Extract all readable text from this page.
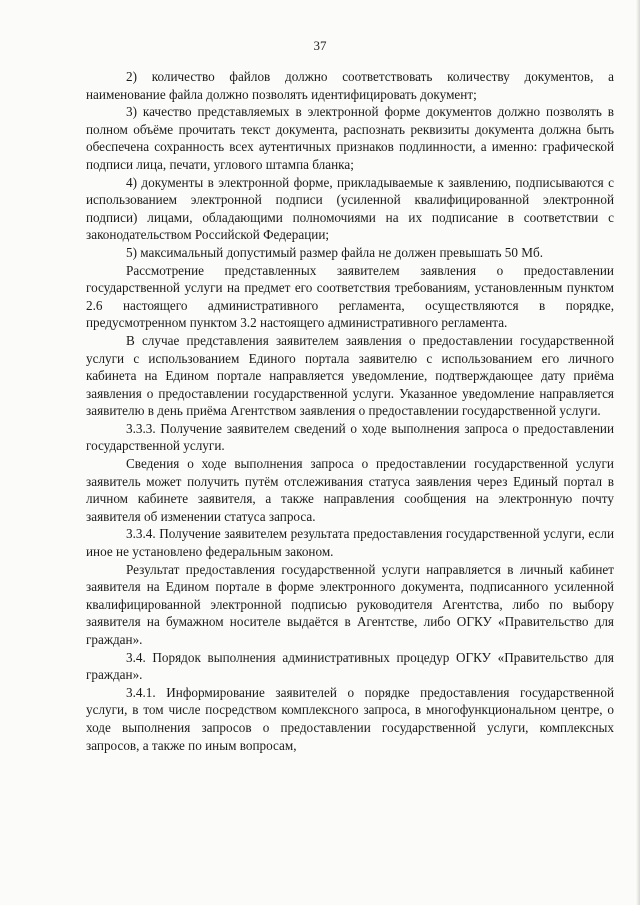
37

2) количество файлов должно соответствовать количеству документов, а наименование файла должно позволять идентифицировать документ;

3) качество представляемых в электронной форме документов должно позволять в полном объёме прочитать текст документа, распознать реквизиты документа должна быть обеспечена сохранность всех аутентичных признаков подлинности, а именно: графической подписи лица, печати, углового штампа бланка;

4) документы в электронной форме, прикладываемые к заявлению, подписываются с использованием электронной подписи (усиленной квалифицированной электронной подписи) лицами, обладающими полномочиями на их подписание в соответствии с законодательством Российской Федерации;

5) максимальный допустимый размер файла не должен превышать 50 Мб.

Рассмотрение представленных заявителем заявления о предоставлении государственной услуги на предмет его соответствия требованиям, установленным пунктом 2.6 настоящего административного регламента, осуществляются в порядке, предусмотренном пунктом 3.2 настоящего административного регламента.

В случае представления заявителем заявления о предоставлении государственной услуги с использованием Единого портала заявителю с использованием его личного кабинета на Едином портале направляется уведомление, подтверждающее дату приёма заявления о предоставлении государственной услуги. Указанное уведомление направляется заявителю в день приёма Агентством заявления о предоставлении государственной услуги.

3.3.3. Получение заявителем сведений о ходе выполнения запроса о предоставлении государственной услуги.

Сведения о ходе выполнения запроса о предоставлении государственной услуги заявитель может получить путём отслеживания статуса заявления через Единый портал в личном кабинете заявителя, а также направления сообщения на электронную почту заявителя об изменении статуса запроса.

3.3.4. Получение заявителем результата предоставления государственной услуги, если иное не установлено федеральным законом.

Результат предоставления государственной услуги направляется в личный кабинет заявителя на Едином портале в форме электронного документа, подписанного усиленной квалифицированной электронной подписью руководителя Агентства, либо по выбору заявителя на бумажном носителе выдаётся в Агентстве, либо ОГКУ «Правительство для граждан».

3.4. Порядок выполнения административных процедур ОГКУ «Правительство для граждан».

3.4.1. Информирование заявителей о порядке предоставления государственной услуги, в том числе посредством комплексного запроса, в многофункциональном центре, о ходе выполнения запросов о предоставлении государственной услуги, комплексных запросов, а также по иным вопросам,
